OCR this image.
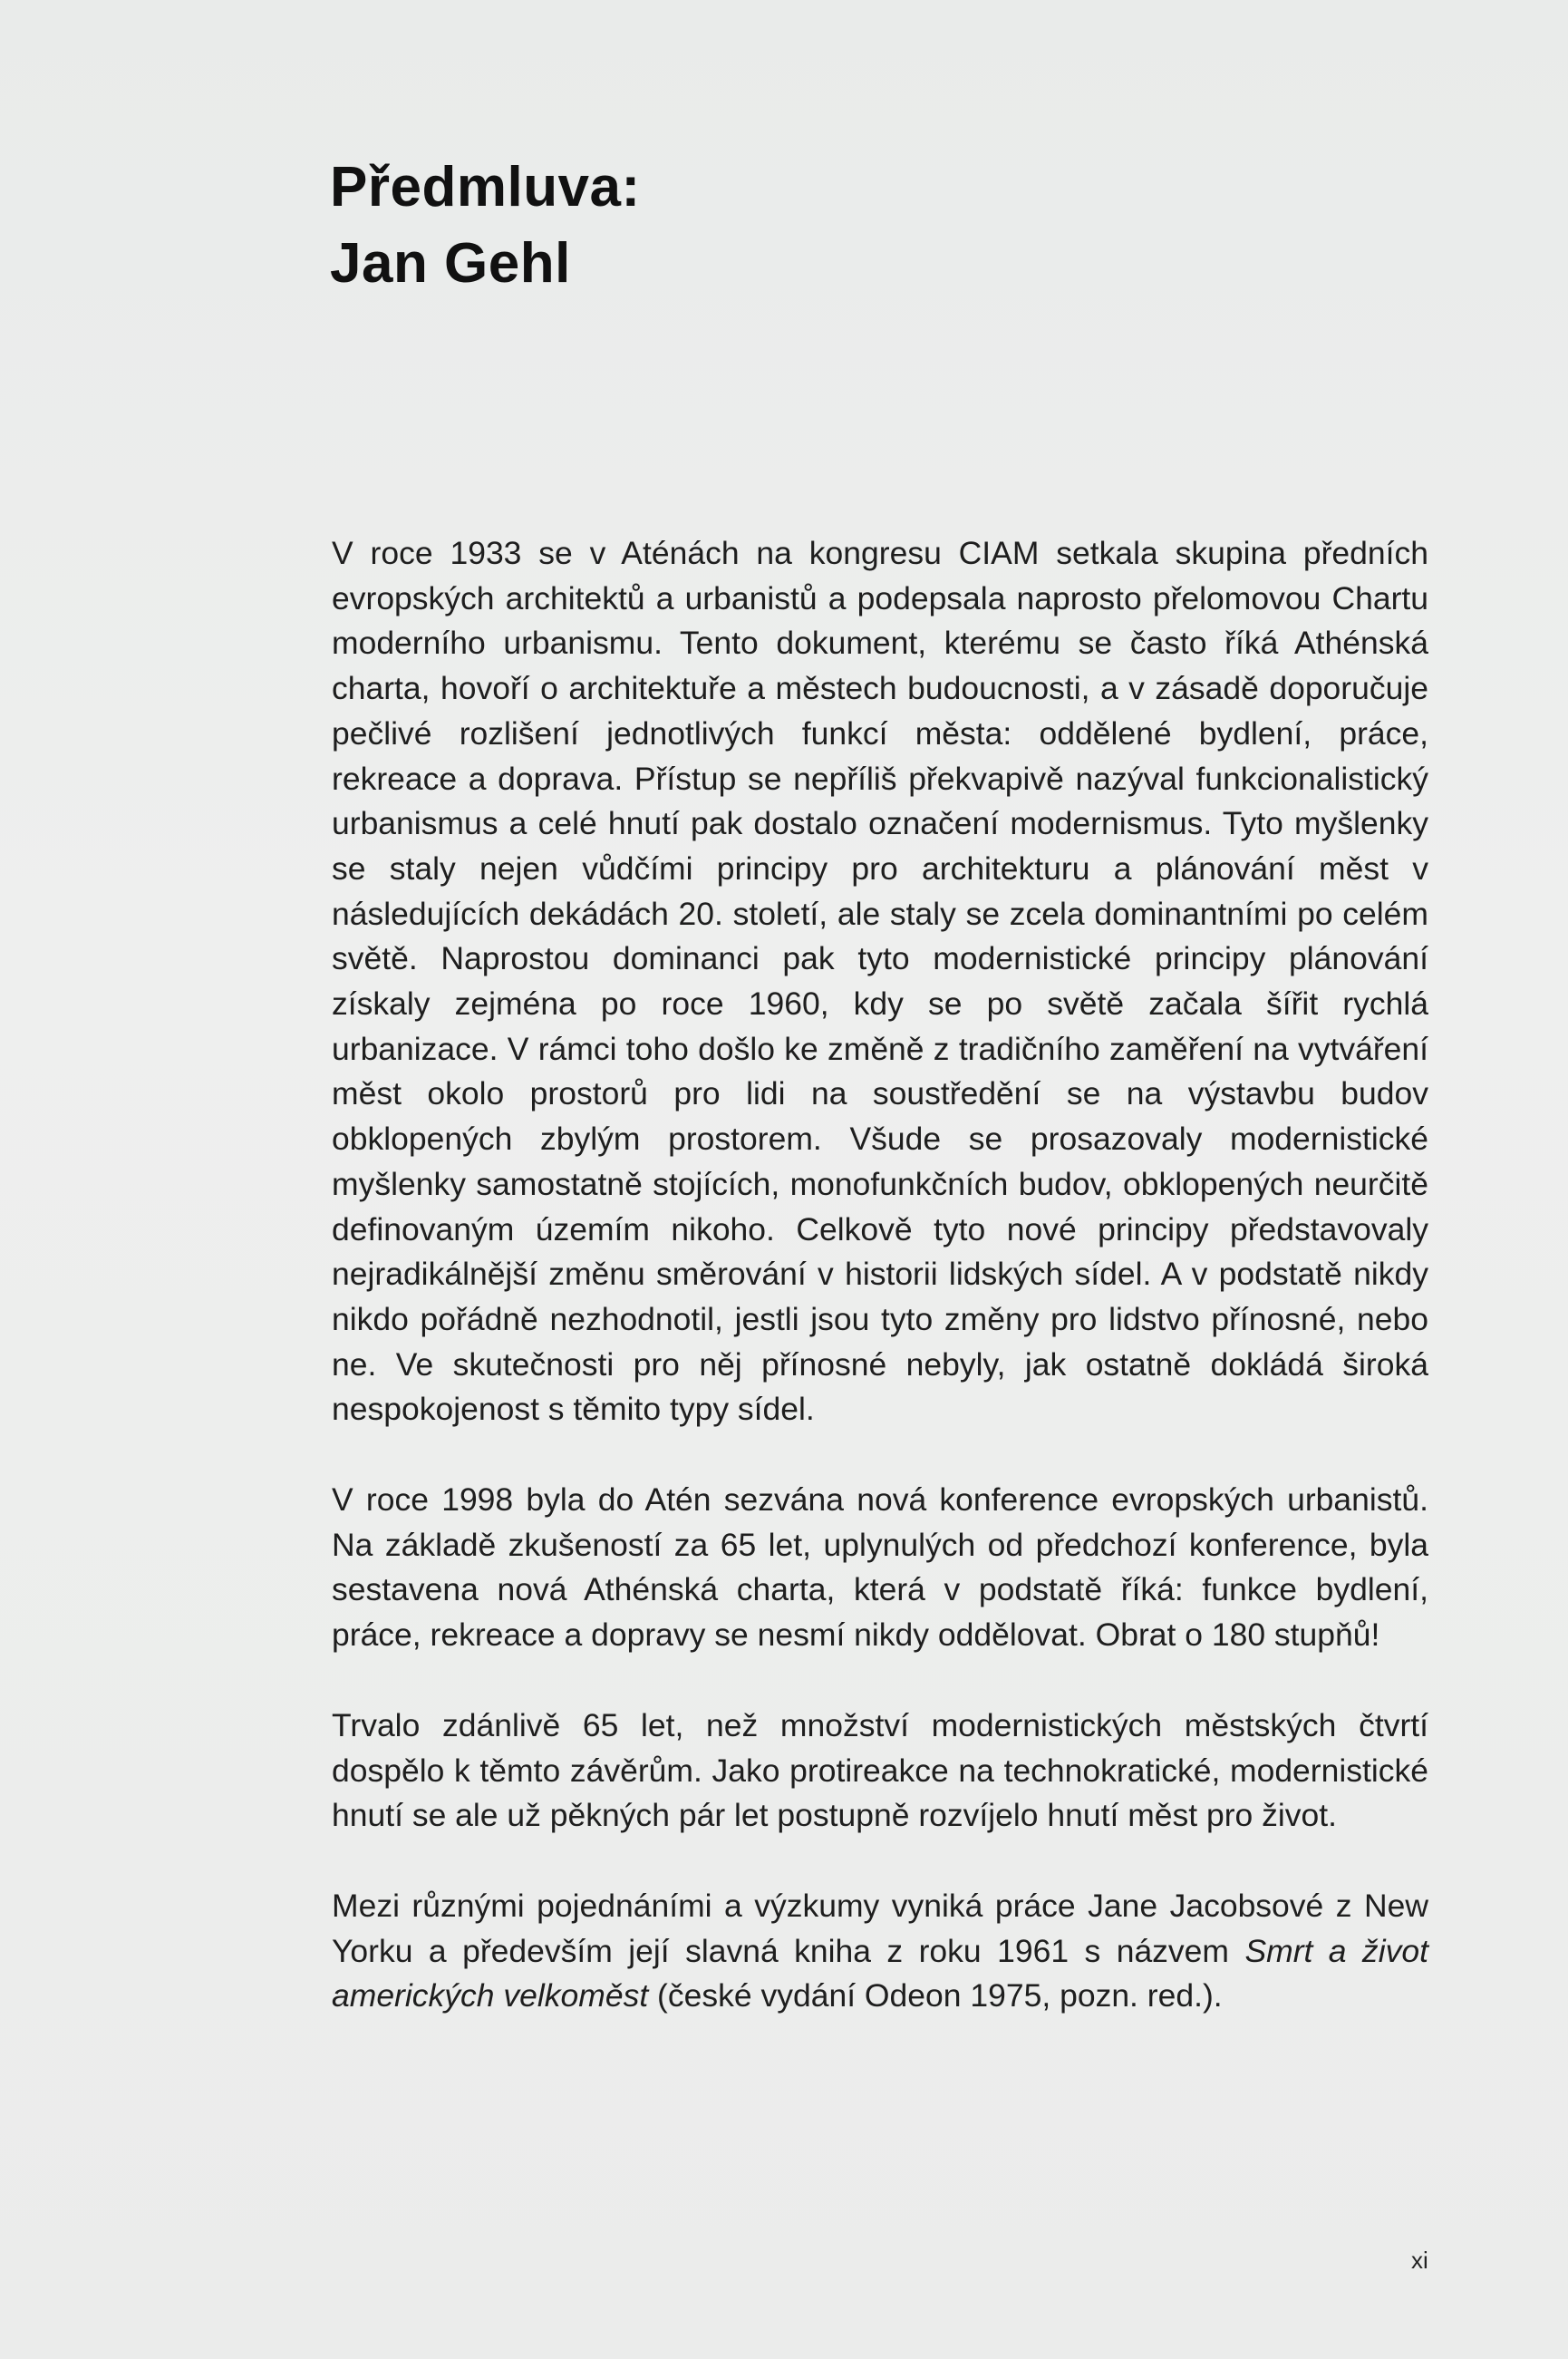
Předmluva:
Jan Gehl

V roce 1933 se v Aténách na kongresu CIAM setkala skupina předních evropských architektů a urbanistů a podepsala naprosto přelomovou Chartu moderního urbanismu. Tento dokument, kterému se často říká Athénská charta, hovoří o architektuře a městech budoucnosti, a v zásadě doporučuje pečlivé rozlišení jednotlivých funkcí města: oddělené bydlení, práce, rekreace a doprava. Přístup se nepříliš překvapivě nazýval funkcionalistický urbanismus a celé hnutí pak dostalo označení modernismus. Tyto myšlenky se staly nejen vůdčími principy pro architekturu a plánování měst v následujících dekádách 20. století, ale staly se zcela dominantními po celém světě. Naprostou dominanci pak tyto modernistické principy plánování získaly zejména po roce 1960, kdy se po světě začala šířit rychlá urbanizace. V rámci toho došlo ke změně z tradičního zaměření na vytváření měst okolo prostorů pro lidi na soustředění se na výstavbu budov obklopených zbylým prostorem. Všude se prosazovaly modernistické myšlenky samostatně stojících, monofunkčních budov, obklopených neurčitě definovaným územím nikoho. Celkově tyto nové principy představovaly nejradikálnější změnu směrování v historii lidských sídel. A v podstatě nikdy nikdo pořádně nezhodnotil, jestli jsou tyto změny pro lidstvo přínosné, nebo ne. Ve skutečnosti pro něj přínosné nebyly, jak ostatně dokládá široká nespokojenost s těmito typy sídel.

V roce 1998 byla do Atén sezvána nová konference evropských urbanistů. Na základě zkušeností za 65 let, uplynulých od předchozí konference, byla sestavena nová Athénská charta, která v podstatě říká: funkce bydlení, práce, rekreace a dopravy se nesmí nikdy oddělovat. Obrat o 180 stupňů!

Trvalo zdánlivě 65 let, než množství modernistických městských čtvrtí dospělo k těmto závěrům. Jako protireakce na technokratické, modernistické hnutí se ale už pěkných pár let postupně rozvíjelo hnutí měst pro život.

Mezi různými pojednáními a výzkumy vyniká práce Jane Jacobsové z New Yorku a především její slavná kniha z roku 1961 s názvem Smrt a život amerických velkoměst (české vydání Odeon 1975, pozn. red.).

xi
